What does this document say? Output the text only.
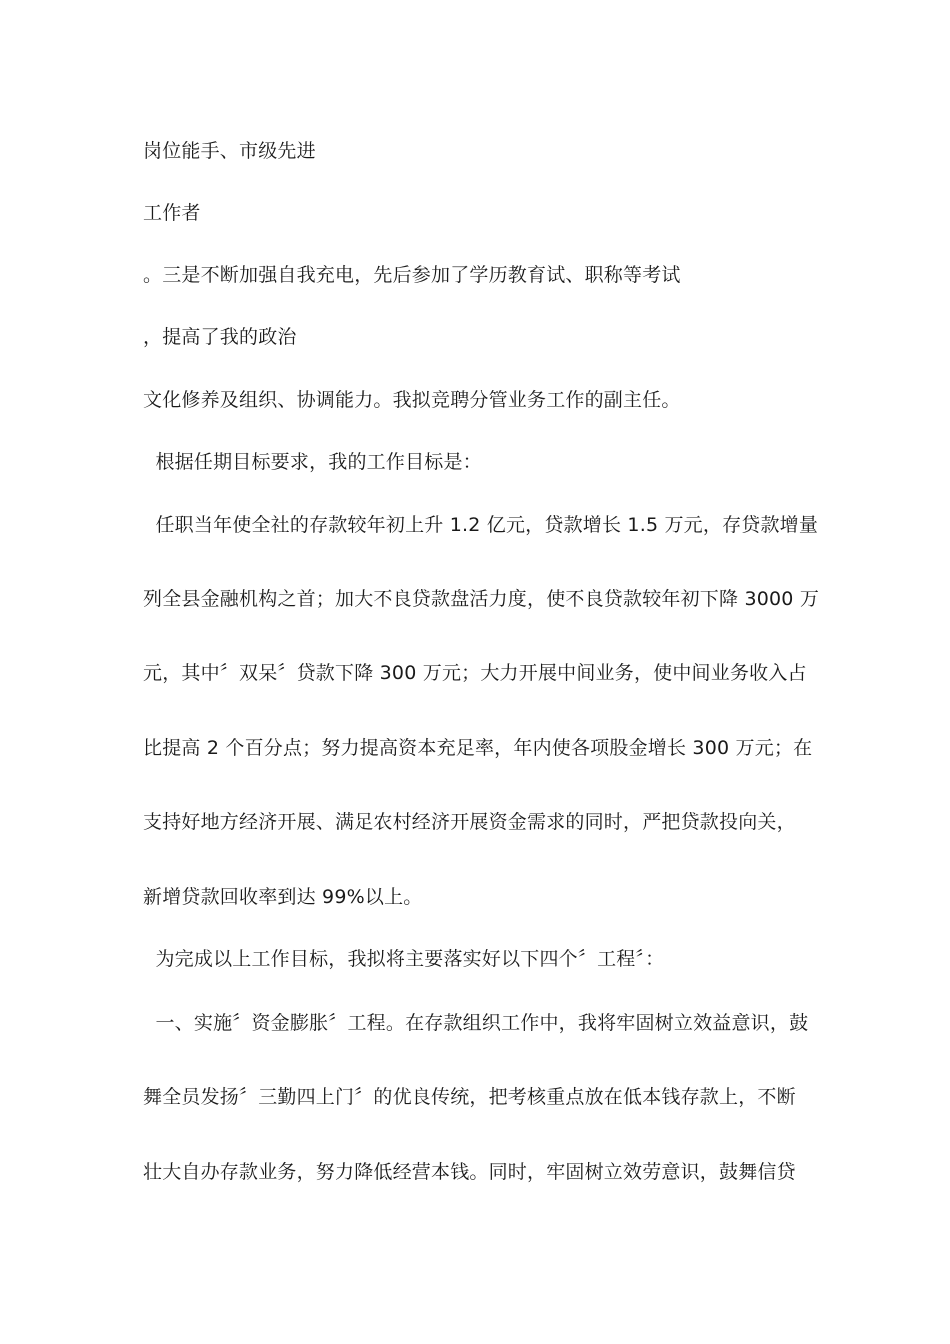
岗位能手、市级先进
工作者
。三是不断加强自我充电，先后参加了学历教育试、职称等考试
，提高了我的政治
文化修养及组织、协调能力。我拟竞聘分管业务工作的副主任。
根据任期目标要求，我的工作目标是：
任职当年使全社的存款较年初上升 1.2 亿元，贷款增长 1.5 万元，存贷款增量
列全县金融机构之首；加大不良贷款盘活力度，使不良贷款较年初下降 3000 万
元，其中〞双呆〞贷款下降 300 万元；大力开展中间业务，使中间业务收入占
比提高 2 个百分点；努力提高资本充足率，年内使各项股金增长 300 万元；在
支持好地方经济开展、满足农村经济开展资金需求的同时，严把贷款投向关，
新增贷款回收率到达 99%以上。
为完成以上工作目标，我拟将主要落实好以下四个〞工程〞：
一、实施〞资金膨胀〞工程。在存款组织工作中，我将牢固树立效益意识，鼓
舞全员发扬〞三勤四上门〞的优良传统，把考核重点放在低本钱存款上，不断
壮大自办存款业务，努力降低经营本钱。同时，牢固树立效劳意识，鼓舞信贷
